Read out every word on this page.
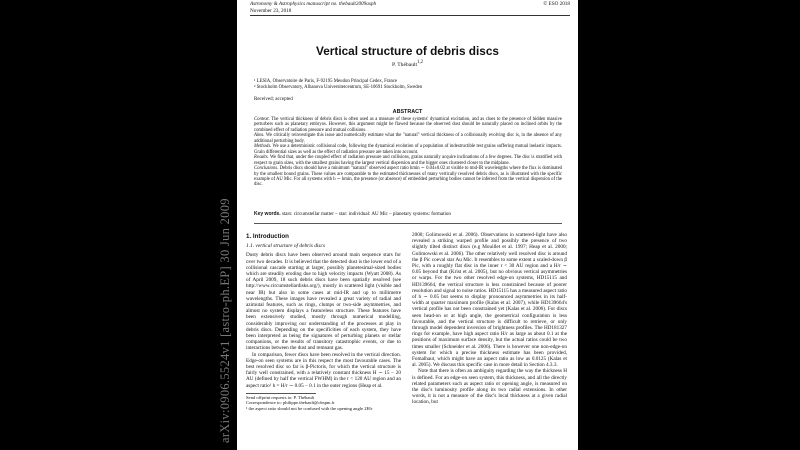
Astronomy & Astrophysics manuscript no. thebault2009asph
November 23, 2018
© ESO 2018
Vertical structure of debris discs
P. Thébault$^{1,2}$
¹ LESIA, Observatoire de Paris, F-92195 Meudon Principal Cedex, France
² Stockholm Observatory, Albanova Universitetcentrum, SE-10691 Stockholm, Sweden
Received; accepted
ABSTRACT

Context. The vertical thickness of debris discs is often used as a measure of these systems' dynamical excitation, and as clues to the presence of hidden massive perturbers such as planetary embryos. However, this argument might be flawed because the observed dust should be naturally placed on inclined orbits by the combined effect of radiation pressure and mutual collisions.

Aims. We critically reinvestigate this issue and numerically estimate what the "natural" vertical thickness of a collisionally evolving disc is, in the absence of any additional perturbing body.

Methods. We use a deterministic collisional code, following the dynamical evolution of a population of indestructible test grains suffering mutual inelastic impacts. Grain differential sizes as well as the effect of radiation pressure are taken into account.

Results. We find that, under the coupled effect of radiation pressure and collisions, grains naturally acquire inclinations of a few degrees. The disc is stratified with respect to grain sizes, with the smallest grains having the largest vertical dispersion and the bigger ones clustered closer to the midplane.

Conclusions. Debris discs should have a minimum "natural" observed aspect ratio hmin ∼ 0.04±0.02 at visible to mid-IR wavelengths where the flux is dominated by the smallest bound grains. These values are comparable to the estimated thicknesses of many vertically resolved debris discs, as is illustrated with the specific example of AU Mic. For all systems with h ∼ hmin, the presence (or absence) of embedded perturbing bodies cannot be inferred from the vertical dispersion of the disc.

Key words. stars: circumstellar matter – star: individual: AU Mic – planetary systems: formation
1. Introduction
1.1. vertical structure of debris discs

Dusty debris discs have been observed around main sequence stars for over two decades. It is believed that the detected dust is the lower end of a collisional cascade starting at larger, possibly planetesimal-sized bodies which are steadily eroding due to high velocity impacts (Wyatt 2008). As of April 2009, 18 such debris discs have been spatially resolved (see http://www.circumstellardisks.org/), mostly in scattered light (visible and near IR) but also in some cases at mid-IR and up to millimetre wavelengths. These images have revealed a great variety of radial and azimutal features, such as rings, clumps or two-side asymmetries, and almost no system displays a featureless structure. These features have been extensively studied, mostly through numerical modelling, considerably improving our understanding of the processes at play in debris discs. Depending on the specificities of each system, they have been interpreted as being the signatures of perturbing planets or stellar companions, or the results of transitory catastrophic events, or due to interactions between the dust and remnant gas.

In comparison, fewer discs have been resolved in the vertical direction. Edge-on seen systems are in this respect the most favourable cases. The best resolved disc so far is β-Pictoris, for which the vertical structure is fairly well constrained, with a relatively constant thickness H ∼ 15 − 20 AU (defined by half the vertical FWHM) in the r < 120 AU region and an aspect ratio¹ h = H/r ∼ 0.05 − 0.1 in the outer regions (Heap et al.

Send offprint requests to: P. Thébault
Correspondence to: philippe.thebault@obspm.fr
¹ the aspect ratio should not be confused with the opening angle 2H/r

2000; Golimowski et al. 2006). Observations in scattered-light have also revealed a striking warped profile and possibly the presence of two slightly tilted distinct discs (e.g Mouillet et al. 1997; Heap et al. 2000; Golimowski et al. 2006). The other relatively well resolved disc is around the β Pic coeval star Au Mic. It resembles to some extent a scaled-down β Pic, with a roughly flat disc in the inner r < 30 AU region and a H/r ∼ 0.05 beyond that (Krist et al. 2005), but no obvious vertical asymmetries or warps. For the two other resolved edge-on systems, HD15115 and HD139664, the vertical structure is less constrained because of poorer resolution and signal to noise ratios. HD15115 has a measured aspect ratio of h ∼ 0.05 but seems to display pronounced asymmetries in its half-width at quarter maximum profile (Kalas et al. 2007), while HD139664's vertical profile has not been constrained yet (Kalas et al. 2006). For discs seen head-on or at high angle, the geometrical configuration is less favourable, and the vertical structure is difficult to retrieve, or only through model dependent inversion of brightness profiles. The HD181327 rings for example, have high aspect ratio H/r as large as about 0.1 at the positions of maximum surface density, but the actual ratios could be two times smaller (Schneider et al. 2006). There is however one non-edge-on system for which a precise thickness estimate has been provided, Fomalhaut, which might have an aspect ratio as low as 0.0125 (Kalas et al. 2005). We discuss this specific case in more detail in Section 4.3.3.

Note that there is often an ambiguity regarding the way the thickness H is defined. For an edge-on seen system, this thickness, and all the directly related parameters such as aspect ratio or opening angle, is measured on the disc's luminosity profile along its two radial extensions. In other words, it is not a measure of the disc's local thickness at a given radial location, but

arXiv:0906.5524v1 [astro-ph.EP] 30 Jun 2009
